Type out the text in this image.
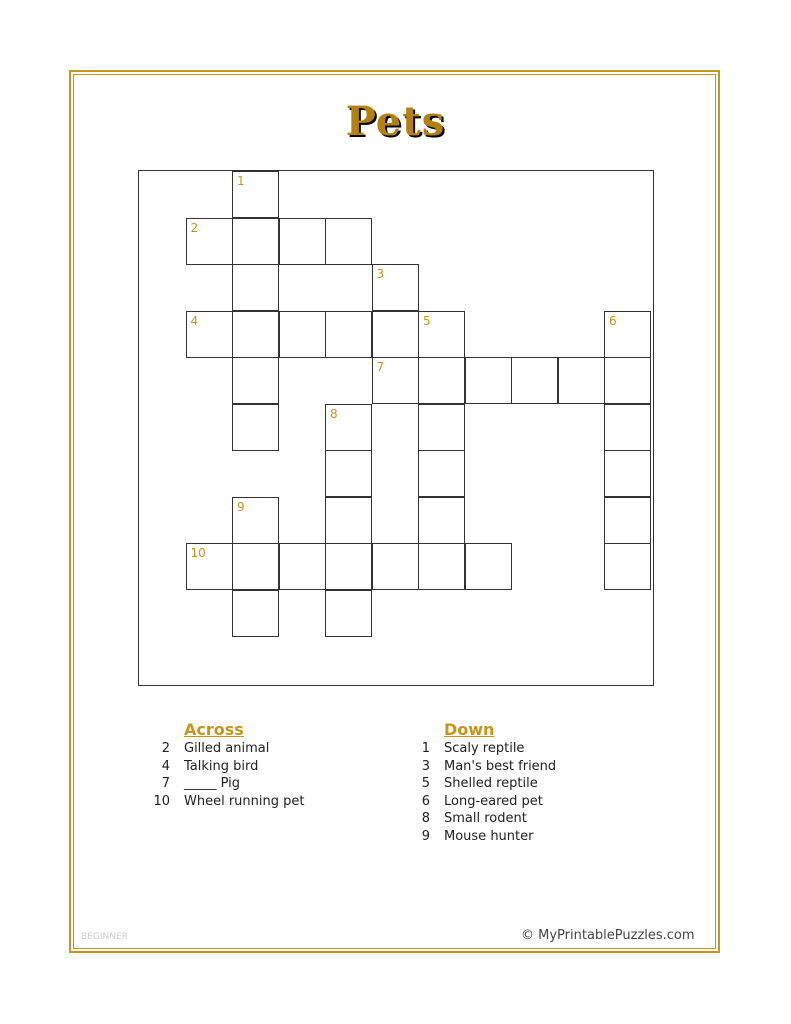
Pets
1
2
3
4	5	6
7
8
9
10
Across
2 Gilled animal
4 Talking bird
7 _____ Pig
10 Wheel running pet
Down
1 Scaly reptile
3 Man's best friend
5 Shelled reptile
6 Long-eared pet
8 Small rodent
9 Mouse hunter
BEGINNER	© MyPrintablePuzzles.com
